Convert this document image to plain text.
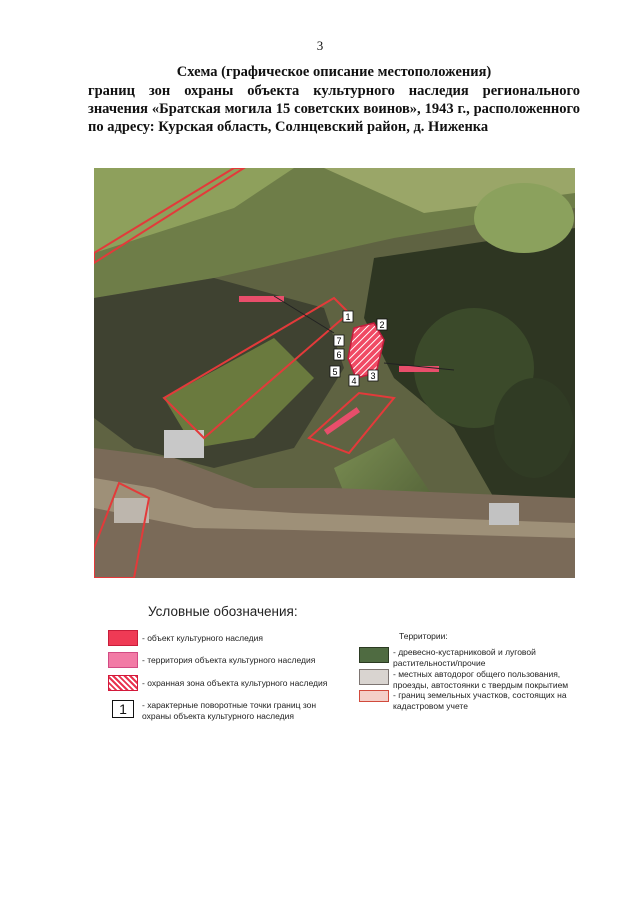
3
Схема (графическое описание местоположения)
границ зон охраны объекта культурного наследия регионального значения «Братская могила 15 советских воинов», 1943 г., расположенного по адресу: Курская область, Солнцевский район, д. Ниженка
1
2
3
4
5
6
7
Условные обозначения:
- объект культурного наследия
- территория объекта культурного наследия
- охранная зона объекта культурного наследия
1	- характерные поворотные точки границ зон охраны объекта культурного наследия
Территории:
- древесно-кустарниковой и луговой растительности/прочие
- местных автодорог общего пользования, проезды, автостоянки с твердым покрытием
- границ земельных участков, состоящих на кадастровом учете
